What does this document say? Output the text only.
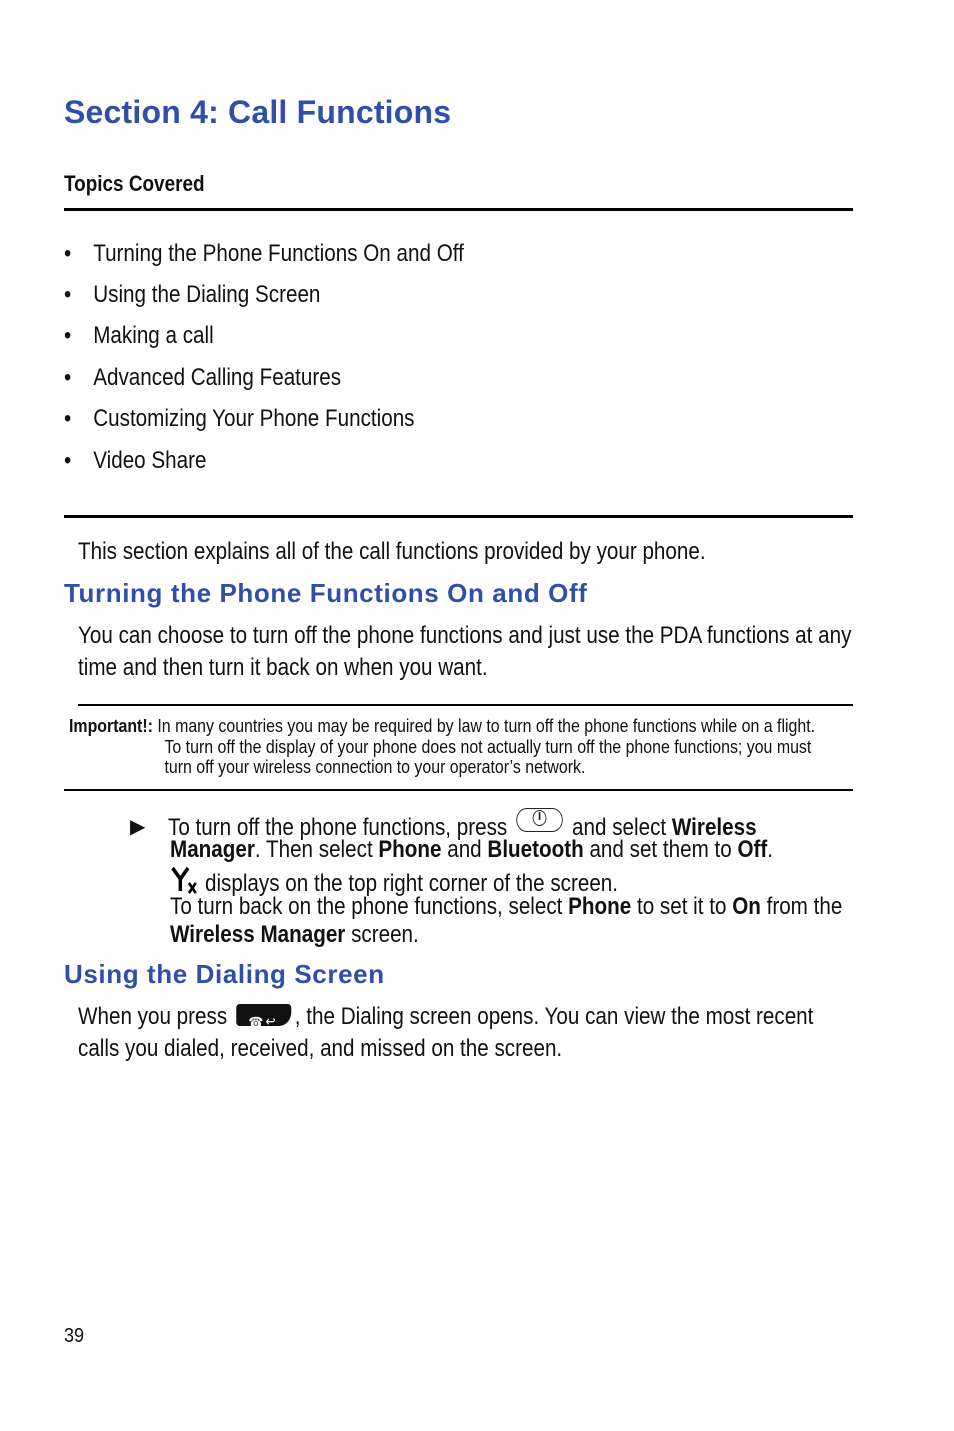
Section 4: Call Functions
Topics Covered
• Turning the Phone Functions On and Off
• Using the Dialing Screen
• Making a call
• Advanced Calling Features
• Customizing Your Phone Functions
• Video Share
This section explains all of the call functions provided by your phone.
Turning the Phone Functions On and Off
You can choose to turn off the phone functions and just use the PDA functions at any
time and then turn it back on when you want.
Important!: In many countries you may be required by law to turn off the phone functions while on a flight.
To turn off the display of your phone does not actually turn off the phone functions; you must
turn off your wireless connection to your operator’s network.
▶ To turn off the phone functions, press	and select Wireless
Manager. Then select Phone and Bluetooth and set them to Off.
displays on the top right corner of the screen.
To turn back on the phone functions, select Phone to set it to On from the
Wireless Manager screen.
Using the Dialing Screen
When you press ☎ ↩ , the Dialing screen opens. You can view the most recent
calls you dialed, received, and missed on the screen.
39
